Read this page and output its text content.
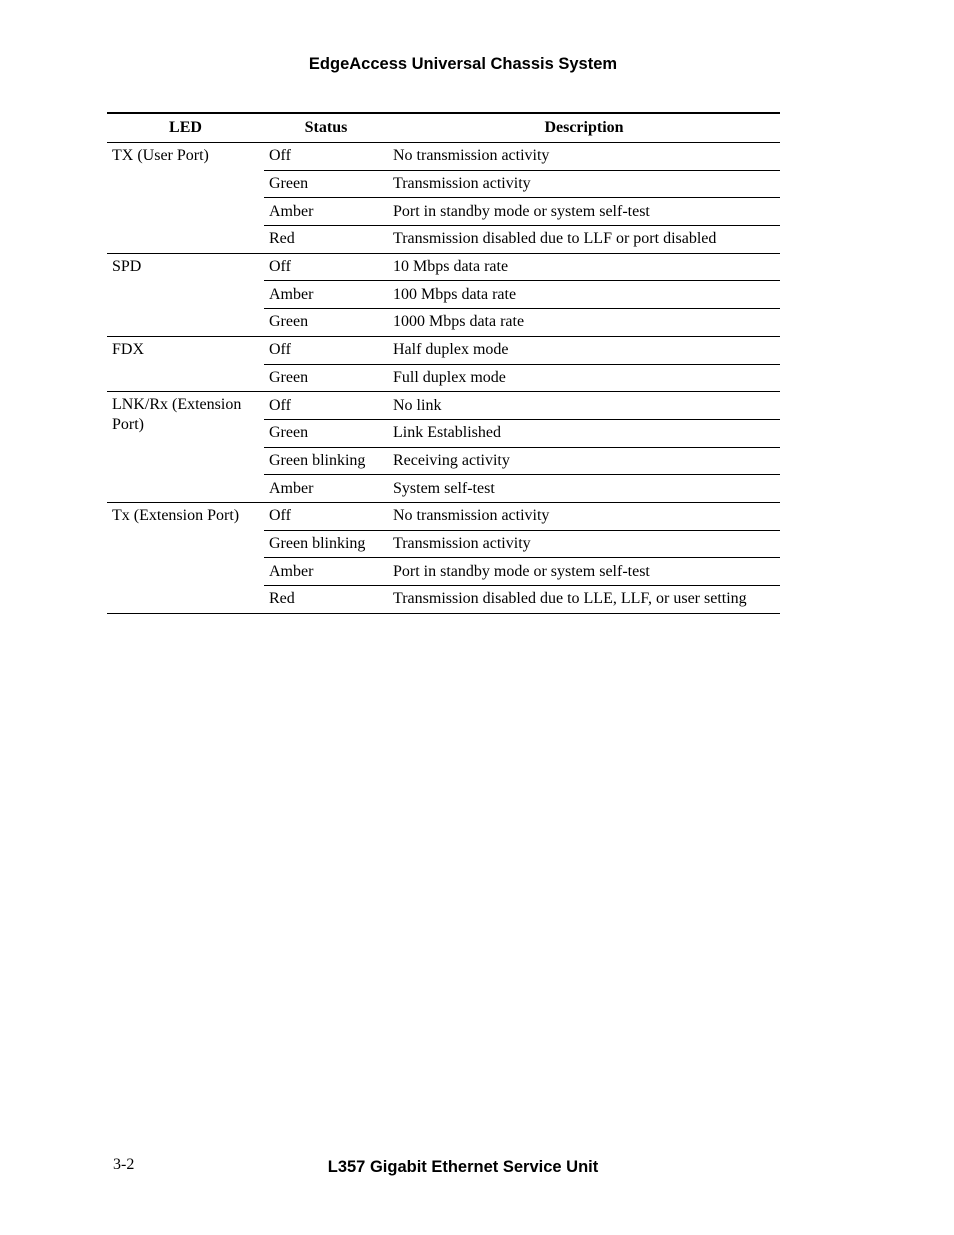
EdgeAccess Universal Chassis System
LED	Status	Description
TX (User Port)	Off	No transmission activity
	Green	Transmission activity
	Amber	Port in standby mode or system self-test
	Red	Transmission disabled due to LLF or port disabled
SPD	Off	10 Mbps data rate
	Amber	100 Mbps data rate
	Green	1000 Mbps data rate
FDX	Off	Half duplex mode
	Green	Full duplex mode
LNK/Rx (Extension Port)	Off	No link
	Green	Link Established
	Green blinking	Receiving activity
	Amber	System self-test
Tx (Extension Port)	Off	No transmission activity
	Green blinking	Transmission activity
	Amber	Port in standby mode or system self-test
	Red	Transmission disabled due to LLE, LLF, or user setting
3-2	L357 Gigabit Ethernet Service Unit
